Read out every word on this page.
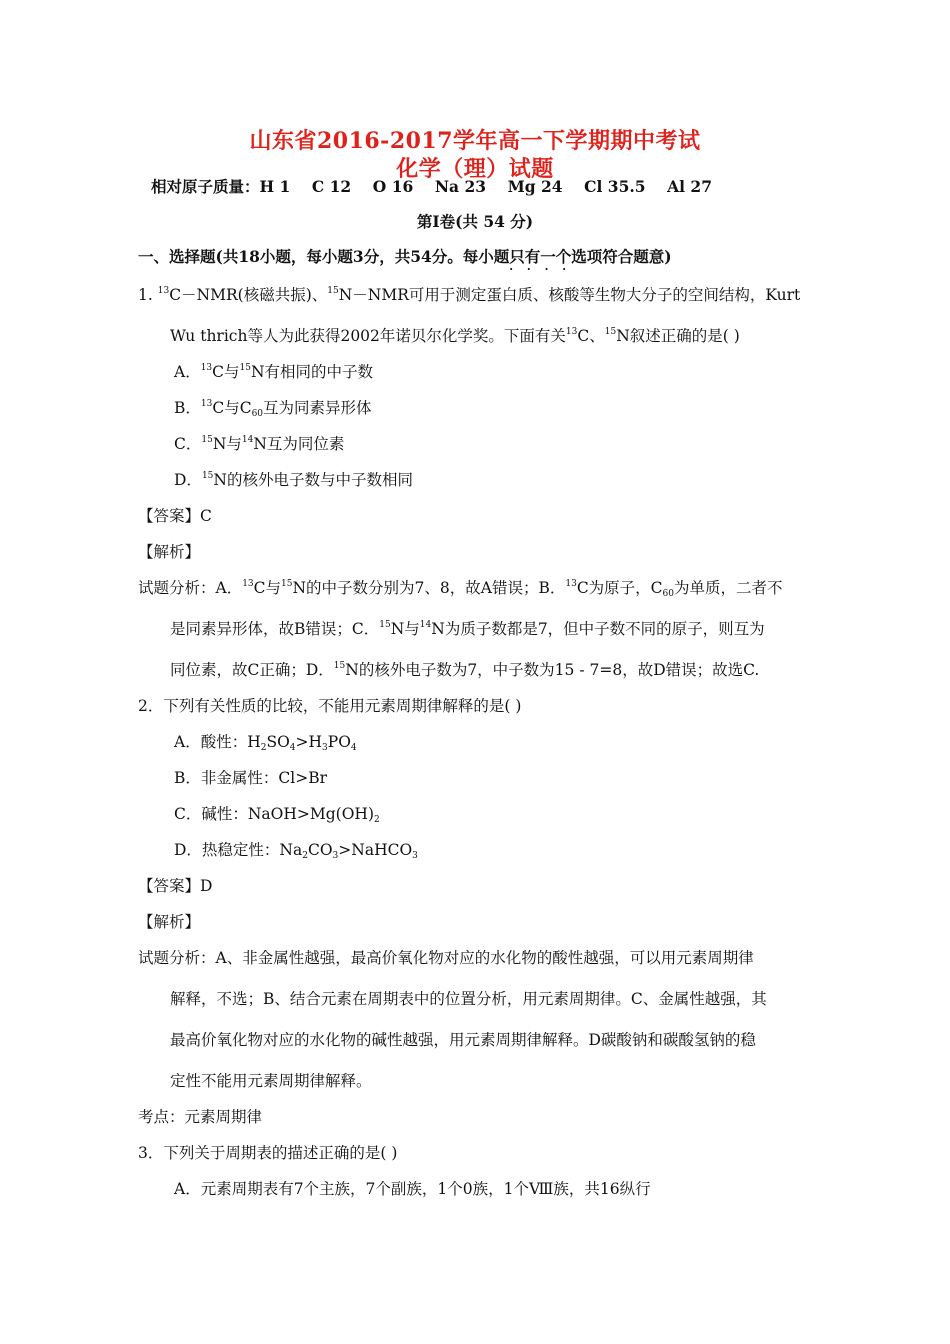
山东省2016-2017学年高一下学期期中考试
化学（理）试题
相对原子质量：H 1    C 12    O 16    Na 23    Mg 24    Cl 35.5    Al 27
第Ⅰ卷(共 54 分)
一、选择题(共18小题，每小题3分，共54分。每小题只有一个 · · · ·选项符合题意)
1. $^{13}$C－NMR(核磁共振)、$^{15}$N－NMR可用于测定蛋白质、核酸等生物大分子的空间结构，Kurt
Wu thrich等人为此获得2002年诺贝尔化学奖。下面有关$^{13}$C、$^{15}$N叙述正确的是( )
A．$^{13}$C与$^{15}$N有相同的中子数
B．$^{13}$C与$C_{60}$互为同素异形体
C．$^{15}$N与$^{14}$N互为同位素
D．$^{15}$N的核外电子数与中子数相同
【答案】C
【解析】
试题分析：A．$^{13}$C与$^{15}$N的中子数分别为7、8，故A错误；B．$^{13}$C为原子，$C_{60}$为单质，二者不
是同素异形体，故B错误；C．$^{15}$N与$^{14}$N为质子数都是7，但中子数不同的原子，则互为
同位素，故C正确；D．$^{15}$N的核外电子数为7，中子数为15 - 7=8，故D错误；故选C.
2．下列有关性质的比较，不能用元素周期律解释的是( )
A．酸性：$H_2SO_4>H_3PO_4$
B．非金属性：Cl>Br
C．碱性：$NaOH>Mg(OH)_2$
D．热稳定性：$Na_2CO_3>NaHCO_3$
【答案】D
【解析】
试题分析：A、非金属性越强，最高价氧化物对应的水化物的酸性越强，可以用元素周期律
解释，不选；B、结合元素在周期表中的位置分析，用元素周期律。C、金属性越强，其
最高价氧化物对应的水化物的碱性越强，用元素周期律解释。D碳酸钠和碳酸氢钠的稳
定性不能用元素周期律解释。
考点：元素周期律
3．下列关于周期表的描述正确的是( )
A．元素周期表有7个主族，7个副族，1个0族，1个Ⅷ族，共16纵行
